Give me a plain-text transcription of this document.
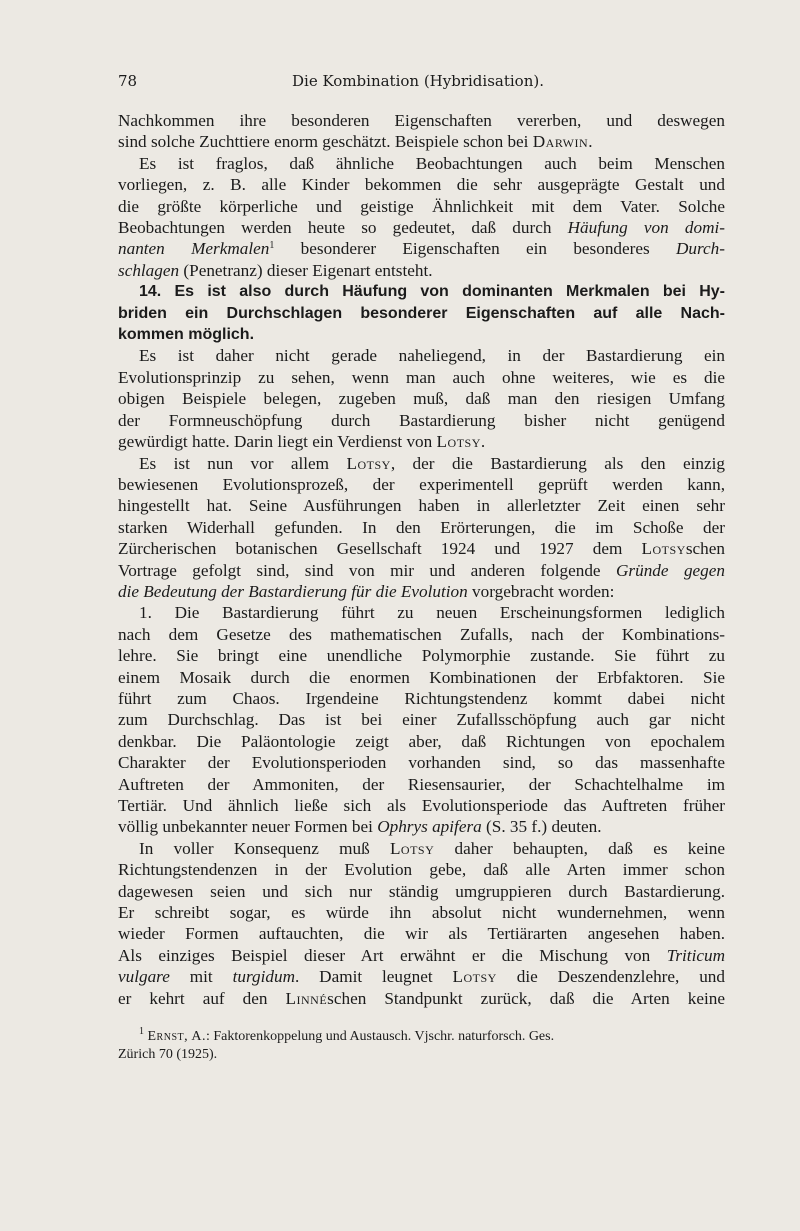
78	Die Kombination (Hybridisation).

Nachkommen ihre besonderen Eigenschaften vererben, und deswegen

sind solche Zuchttiere enorm geschätzt. Beispiele schon bei Darwin.

Es ist fraglos, daß ähnliche Beobachtungen auch beim Menschen

vorliegen, z. B. alle Kinder bekommen die sehr ausgeprägte Gestalt und

die größte körperliche und geistige Ähnlichkeit mit dem Vater. Solche

Beobachtungen werden heute so gedeutet, daß durch Häufung von domi-

nanten Merkmalen$^1$ besonderer Eigenschaften ein besonderes Durch-

schlagen (Penetranz) dieser Eigenart entsteht.

14. Es ist also durch Häufung von dominanten Merkmalen bei Hy-

briden ein Durchschlagen besonderer Eigenschaften auf alle Nach-

kommen möglich.

Es ist daher nicht gerade naheliegend, in der Bastardierung ein

Evolutionsprinzip zu sehen, wenn man auch ohne weiteres, wie es die

obigen Beispiele belegen, zugeben muß, daß man den riesigen Umfang

der Formneuschöpfung durch Bastardierung bisher nicht genügend

gewürdigt hatte. Darin liegt ein Verdienst von Lotsy.

Es ist nun vor allem Lotsy, der die Bastardierung als den einzig

bewiesenen Evolutionsprozeß, der experimentell geprüft werden kann,

hingestellt hat. Seine Ausführungen haben in allerletzter Zeit einen sehr

starken Widerhall gefunden. In den Erörterungen, die im Schoße der

Zürcherischen botanischen Gesellschaft 1924 und 1927 dem Lotsyschen

Vortrage gefolgt sind, sind von mir und anderen folgende Gründe gegen

die Bedeutung der Bastardierung für die Evolution vorgebracht worden:

1. Die Bastardierung führt zu neuen Erscheinungsformen lediglich

nach dem Gesetze des mathematischen Zufalls, nach der Kombinations-

lehre. Sie bringt eine unendliche Polymorphie zustande. Sie führt zu

einem Mosaik durch die enormen Kombinationen der Erbfaktoren. Sie

führt zum Chaos. Irgendeine Richtungstendenz kommt dabei nicht

zum Durchschlag. Das ist bei einer Zufallsschöpfung auch gar nicht

denkbar. Die Paläontologie zeigt aber, daß Richtungen von epochalem

Charakter der Evolutionsperioden vorhanden sind, so das massenhafte

Auftreten der Ammoniten, der Riesensaurier, der Schachtelhalme im

Tertiär. Und ähnlich ließe sich als Evolutionsperiode das Auftreten früher

völlig unbekannter neuer Formen bei Ophrys apifera (S. 35 f.) deuten.

In voller Konsequenz muß Lotsy daher behaupten, daß es keine

Richtungstendenzen in der Evolution gebe, daß alle Arten immer schon

dagewesen seien und sich nur ständig umgruppieren durch Bastardierung.

Er schreibt sogar, es würde ihn absolut nicht wundernehmen, wenn

wieder Formen auftauchten, die wir als Tertiärarten angesehen haben.

Als einziges Beispiel dieser Art erwähnt er die Mischung von Triticum

vulgare mit turgidum. Damit leugnet Lotsy die Deszendenzlehre, und

er kehrt auf den Linnéschen Standpunkt zurück, daß die Arten keine

$^1$ Ernst, A.: Faktorenkoppelung und Austausch. Vjschr. naturforsch. Ges.

Zürich 70 (1925).
